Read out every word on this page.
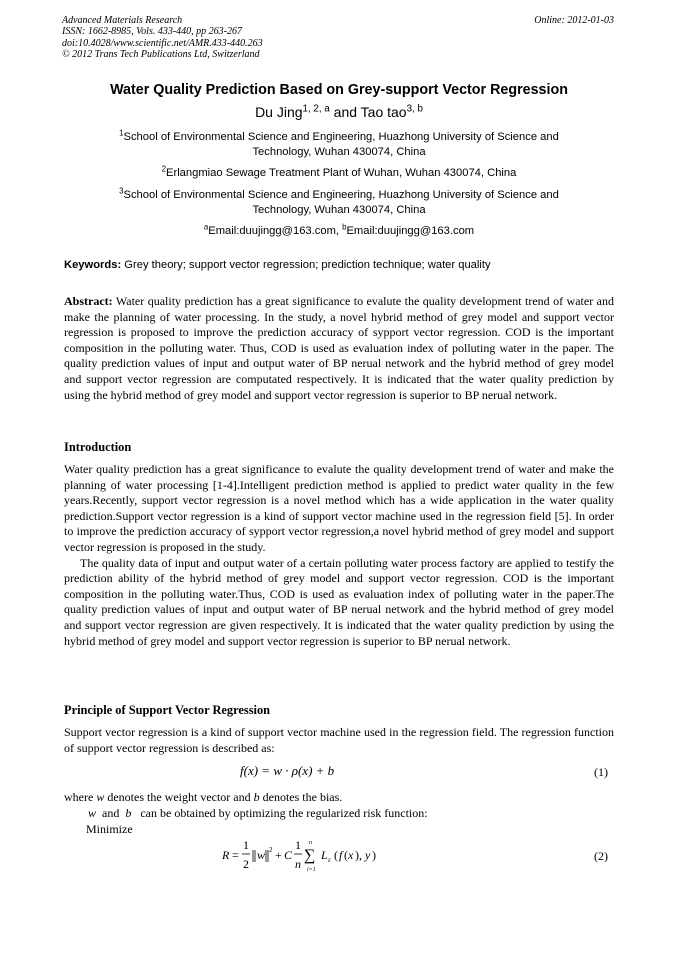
Advanced Materials Research
ISSN: 1662-8985, Vols. 433-440, pp 263-267
doi:10.4028/www.scientific.net/AMR.433-440.263
© 2012 Trans Tech Publications Ltd, Switzerland
Online: 2012-01-03
Water Quality Prediction Based on Grey-support Vector Regression
Du Jing$^{1, 2, a}$ and Tao tao$^{3, b}$
$^1$School of Environmental Science and Engineering, Huazhong University of Science and Technology, Wuhan 430074, China
$^2$Erlangmiao Sewage Treatment Plant of Wuhan, Wuhan 430074, China
$^3$School of Environmental Science and Engineering, Huazhong University of Science and Technology, Wuhan 430074, China
$^a$Email:duujingg@163.com, $^b$Email:duujingg@163.com
Keywords: Grey theory; support vector regression; prediction technique; water quality

Abstract: Water quality prediction has a great significance to evalute the quality development trend of water and make the planning of water processing. In the study, a novel hybrid method of grey model and support vector regression is proposed to improve the prediction accuracy of sypport vector regression. COD is the important composition in the polluting water. Thus, COD is used as evaluation index of polluting water in the paper. The quality prediction values of input and output water of BP nerual network and the hybrid method of grey model and support vector regression are computated respectively. It is indicated that the water quality prediction by using the hybrid method of grey model and support vector regression is superior to BP nerual network.

Introduction

Water quality prediction has a great significance to evalute the quality development trend of water and make the planning of water processing [1-4].Intelligent prediction method is applied to predict water quality in the few years.Recently, support vector regression is a novel method which has a wide application in the water quality prediction.Support vector regression is a kind of support vector machine used in the regression field [5]. In order to improve the prediction accuracy of sypport vector regression,a novel hybrid method of grey model and support vector regression is proposed in the study.

The quality data of input and output water of a certain polluting water process factory are applied to testify the prediction ability of the hybrid method of grey model and support vector regression. COD is the important composition in the polluting water.Thus, COD is used as evaluation index of polluting water in the paper.The quality prediction values of input and output water of BP nerual network and the hybrid method of grey model and support vector regression are given respectively. It is indicated that the water quality prediction by using the hybrid method of grey model and support vector regression is superior to BP nerual network.

Principle of Support Vector Regression
Support vector regression is a kind of support vector machine used in the regression field. The regression function of support vector regression is described as:
f(x) = w · ρ(x) + b	(1)
where w denotes the weight vector and b denotes the bias.
w  and  b   can be obtained by optimizing the regularized risk function:
Minimize
R =
1
2
w 2 + C
1
n
n
∑
i=1
L ε ( f ( x ), y )	(2)
